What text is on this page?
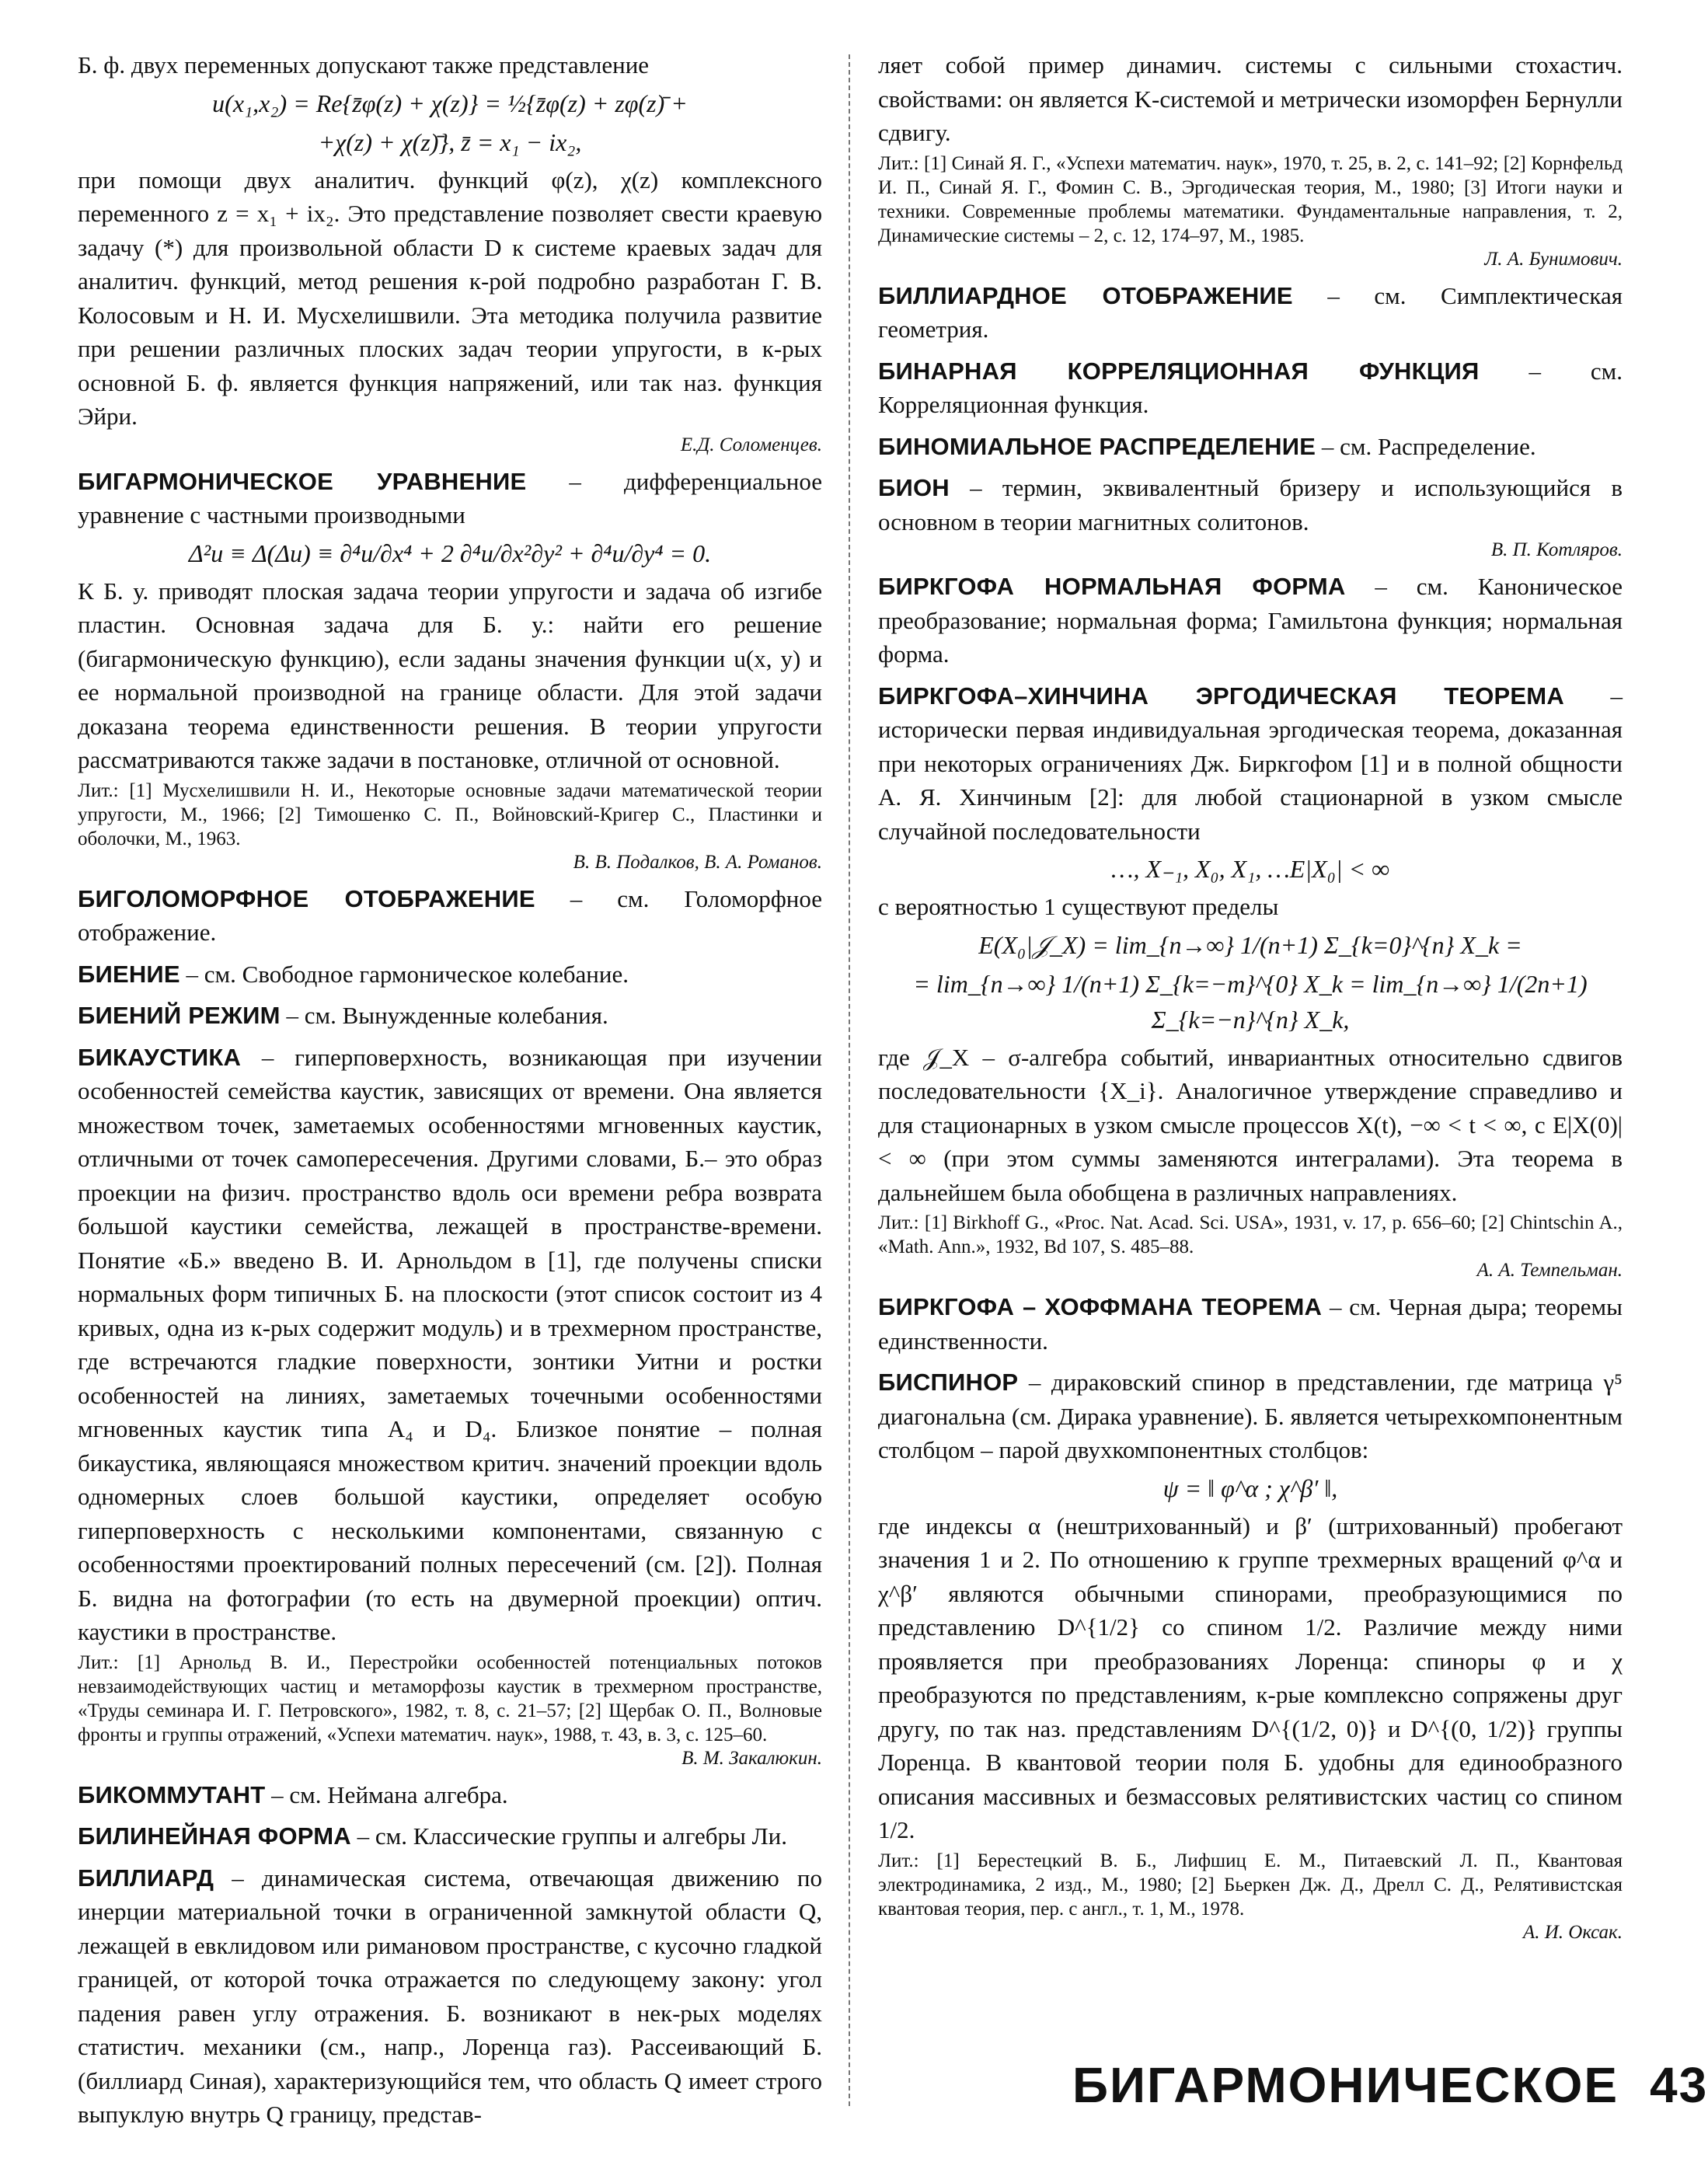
Б. ф. двух переменных допускают также представление

u(x₁,x₂) = Re{z̄φ(z) + χ(z)} = ½{z̄φ(z) + zφ(z)̄ +

+χ(z) + χ(z)̄}, z̄ = x₁ − ix₂,

при помощи двух аналитич. функций φ(z), χ(z) комплексного переменного z = x₁ + ix₂. Это представление позволяет свести краевую задачу (*) для произвольной области D к системе краевых задач для аналитич. функций, метод решения к-рой подробно разработан Г. В. Колосовым и Н. И. Мусхелишвили. Эта методика получила развитие при решении различных плоских задач теории упругости, в к-рых основной Б. ф. является функция напряжений, или так наз. функция Эйри.

Е.Д. Соломенцев.

БИГАРМОНИЧЕСКОЕ УРАВНЕНИЕ – дифференциальное уравнение с частными производными

Δ²u ≡ Δ(Δu) ≡ ∂⁴u/∂x⁴ + 2 ∂⁴u/∂x²∂y² + ∂⁴u/∂y⁴ = 0.

К Б. у. приводят плоская задача теории упругости и задача об изгибе пластин. Основная задача для Б. у.: найти его решение (бигармоническую функцию), если заданы значения функции u(x, y) и ее нормальной производной на границе области. Для этой задачи доказана теорема единственности решения. В теории упругости рассматриваются также задачи в постановке, отличной от основной.

Лит.: [1] Мусхелишвили Н. И., Некоторые основные задачи математической теории упругости, М., 1966; [2] Тимошенко С. П., Войновский-Кригер С., Пластинки и оболочки, М., 1963.

В. В. Подалков, В. А. Романов.

БИГОЛОМОРФНОЕ ОТОБРАЖЕНИЕ – см. Голоморфное отображение.

БИЕНИЕ – см. Свободное гармоническое колебание.

БИЕНИЙ РЕЖИМ – см. Вынужденные колебания.

БИКАУСТИКА – гиперповерхность, возникающая при изучении особенностей семейства каустик, зависящих от времени. Она является множеством точек, заметаемых особенностями мгновенных каустик, отличными от точек самопересечения. Другими словами, Б.– это образ проекции на физич. пространство вдоль оси времени ребра возврата большой каустики семейства, лежащей в пространстве-времени. Понятие «Б.» введено В. И. Арнольдом в [1], где получены списки нормальных форм типичных Б. на плоскости (этот список состоит из 4 кривых, одна из к-рых содержит модуль) и в трехмерном пространстве, где встречаются гладкие поверхности, зонтики Уитни и ростки особенностей на линиях, заметаемых точечными особенностями мгновенных каустик типа A₄ и D₄. Близкое понятие – полная бикаустика, являющаяся множеством критич. значений проекции вдоль одномерных слоев большой каустики, определяет особую гиперповерхность с несколькими компонентами, связанную с особенностями проектирований полных пересечений (см. [2]). Полная Б. видна на фотографии (то есть на двумерной проекции) оптич. каустики в пространстве.

Лит.: [1] Арнольд В. И., Перестройки особенностей потенциальных потоков невзаимодействующих частиц и метаморфозы каустик в трехмерном пространстве, «Труды семинара И. Г. Петровского», 1982, т. 8, с. 21–57; [2] Щербак О. П., Волновые фронты и группы отражений, «Успехи математич. наук», 1988, т. 43, в. 3, с. 125–60.

В. М. Закалюкин.

БИКОММУТАНТ – см. Неймана алгебра.

БИЛИНЕЙНАЯ ФОРМА – см. Классические группы и алгебры Ли.

БИЛЛИАРД – динамическая система, отвечающая движению по инерции материальной точки в ограниченной замкнутой области Q, лежащей в евклидовом или римановом пространстве, с кусочно гладкой границей, от которой точка отражается по следующему закону: угол падения равен углу отражения. Б. возникают в нек-рых моделях статистич. механики (см., напр., Лоренца газ). Рассеивающий Б. (биллиард Синая), характеризующийся тем, что область Q имеет строго выпуклую внутрь Q границу, представ-

ляет собой пример динамич. системы с сильными стохастич. свойствами: он является K-системой и метрически изоморфен Бернулли сдвигу.

Лит.: [1] Синай Я. Г., «Успехи математич. наук», 1970, т. 25, в. 2, с. 141–92; [2] Корнфельд И. П., Синай Я. Г., Фомин С. В., Эргодическая теория, М., 1980; [3] Итоги науки и техники. Современные проблемы математики. Фундаментальные направления, т. 2, Динамические системы – 2, с. 12, 174–97, М., 1985.

Л. А. Бунимович.

БИЛЛИАРДНОЕ ОТОБРАЖЕНИЕ – см. Симплектическая геометрия.

БИНАРНАЯ КОРРЕЛЯЦИОННАЯ ФУНКЦИЯ – см. Корреляционная функция.

БИНОМИАЛЬНОЕ РАСПРЕДЕЛЕНИЕ – см. Распределение.

БИОН – термин, эквивалентный бризеру и использующийся в основном в теории магнитных солитонов.

В. П. Котляров.

БИРКГОФА НОРМАЛЬНАЯ ФОРМА – см. Каноническое преобразование; нормальная форма; Гамильтона функция; нормальная форма.

БИРКГОФА–ХИНЧИНА ЭРГОДИЧЕСКАЯ ТЕОРЕМА – исторически первая индивидуальная эргодическая теорема, доказанная при некоторых ограничениях Дж. Биркгофом [1] и в полной общности А. Я. Хинчиным [2]: для любой стационарной в узком смысле случайной последовательности

…, X₋₁, X₀, X₁, …E|X₀| < ∞

с вероятностью 1 существуют пределы

E(X₀|𝒥_X) = lim_{n→∞} 1/(n+1) Σ_{k=0}^{n} X_k =

= lim_{n→∞} 1/(n+1) Σ_{k=−m}^{0} X_k = lim_{n→∞} 1/(2n+1) Σ_{k=−n}^{n} X_k,

где 𝒥_X – σ-алгебра событий, инвариантных относительно сдвигов последовательности {X_i}. Аналогичное утверждение справедливо и для стационарных в узком смысле процессов X(t), −∞ < t < ∞, с E|X(0)| < ∞ (при этом суммы заменяются интегралами). Эта теорема в дальнейшем была обобщена в различных направлениях.

Лит.: [1] Birkhoff G., «Proc. Nat. Acad. Sci. USA», 1931, v. 17, p. 656–60; [2] Chintschin A., «Math. Ann.», 1932, Bd 107, S. 485–88.

А. А. Темпельман.

БИРКГОФА – ХОФФМАНА ТЕОРЕМА – см. Черная дыра; теоремы единственности.

БИСПИНОР – дираковский спинор в представлении, где матрица γ⁵ диагональна (см. Дирака уравнение). Б. является четырехкомпонентным столбцом – парой двухкомпонентных столбцов:

ψ = ‖ φ^α ; χ^β′ ‖,

где индексы α (нештрихованный) и β′ (штрихованный) пробегают значения 1 и 2. По отношению к группе трехмерных вращений φ^α и χ^β′ являются обычными спинорами, преобразующимися по представлению D^{1/2} со спином 1/2. Различие между ними проявляется при преобразованиях Лоренца: спиноры φ и χ преобразуются по представлениям, к-рые комплексно сопряжены друг другу, по так наз. представлениям D^{(1/2, 0)} и D^{(0, 1/2)} группы Лоренца. В квантовой теории поля Б. удобны для единообразного описания массивных и безмассовых релятивистских частиц со спином 1/2.

Лит.: [1] Берестецкий В. Б., Лифшиц Е. М., Питаевский Л. П., Квантовая электродинамика, 2 изд., М., 1980; [2] Бьеркен Дж. Д., Дрелл С. Д., Релятивистская квантовая теория, пер. с англ., т. 1, М., 1978.

А. И. Оксак.

БИГАРМОНИЧЕСКОЕ 43
